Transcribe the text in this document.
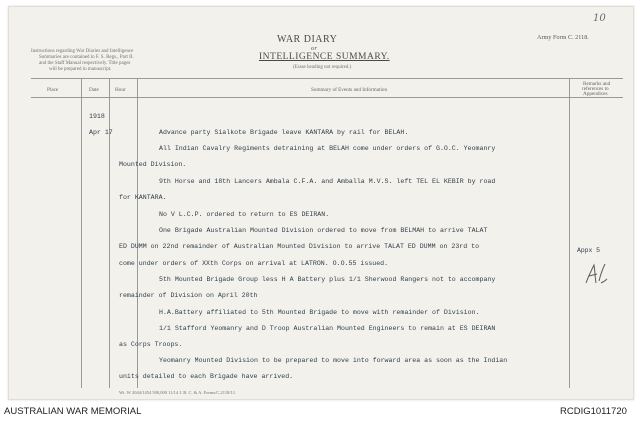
10
Instructions regarding War Diaries and Intelligence
Summaries are contained in F. S. Regs., Part II.
and the Staff Manual respectively. Title pages
will be prepared in manuscript.
WAR DIARY
or
INTELLIGENCE SUMMARY.
(Erase heading not required.)
Army Form C. 2118.
Place	Date	Hour	Summary of Events and Information
Remarks and
references to
Appendices
1918
Apr 17	Advance party Sialkote Brigade leave KANTARA by rail for BELAH.
All Indian Cavalry Regiments detraining at BELAH come under orders of G.O.C. Yeomanry
Mounted Division.
9th Horse and 18th Lancers Ambala C.F.A. and Amballa M.V.S. left TEL EL KEBIR by road
for KANTARA.
No V L.C.P. ordered to return to ES DEIRAN.
One Brigade Australian Mounted Division ordered to move from BELMAH to arrive TALAT
ED DUMM on 22nd remainder of Australian Mounted Division to arrive TALAT ED DUMM on 23rd to
come under orders of XXth Corps on arrival at LATRON. O.O.55 issued.
5th Mounted Brigade Group less H A Battery plus 1/1 Sherwood Rangers not to accompany
remainder of Division on April 20th
H.A.Battery affiliated to 5th Mounted Brigade to move with remainder of Division.
1/1 Stafford Yeomanry and D Troop Australian Mounted Engineers to remain at ES DEIRAN
as Corps Troops.
Yeomanry Mounted Division to be prepared to move into forward area as soon as the Indian
units detailed to each Brigade have arrived.
Appx 5
Wt. W 2044/1454 500,000 11/14 J. B. C. & A. Forms/C.2118/11.
AUSTRALIAN WAR MEMORIAL	RCDIG1011720
